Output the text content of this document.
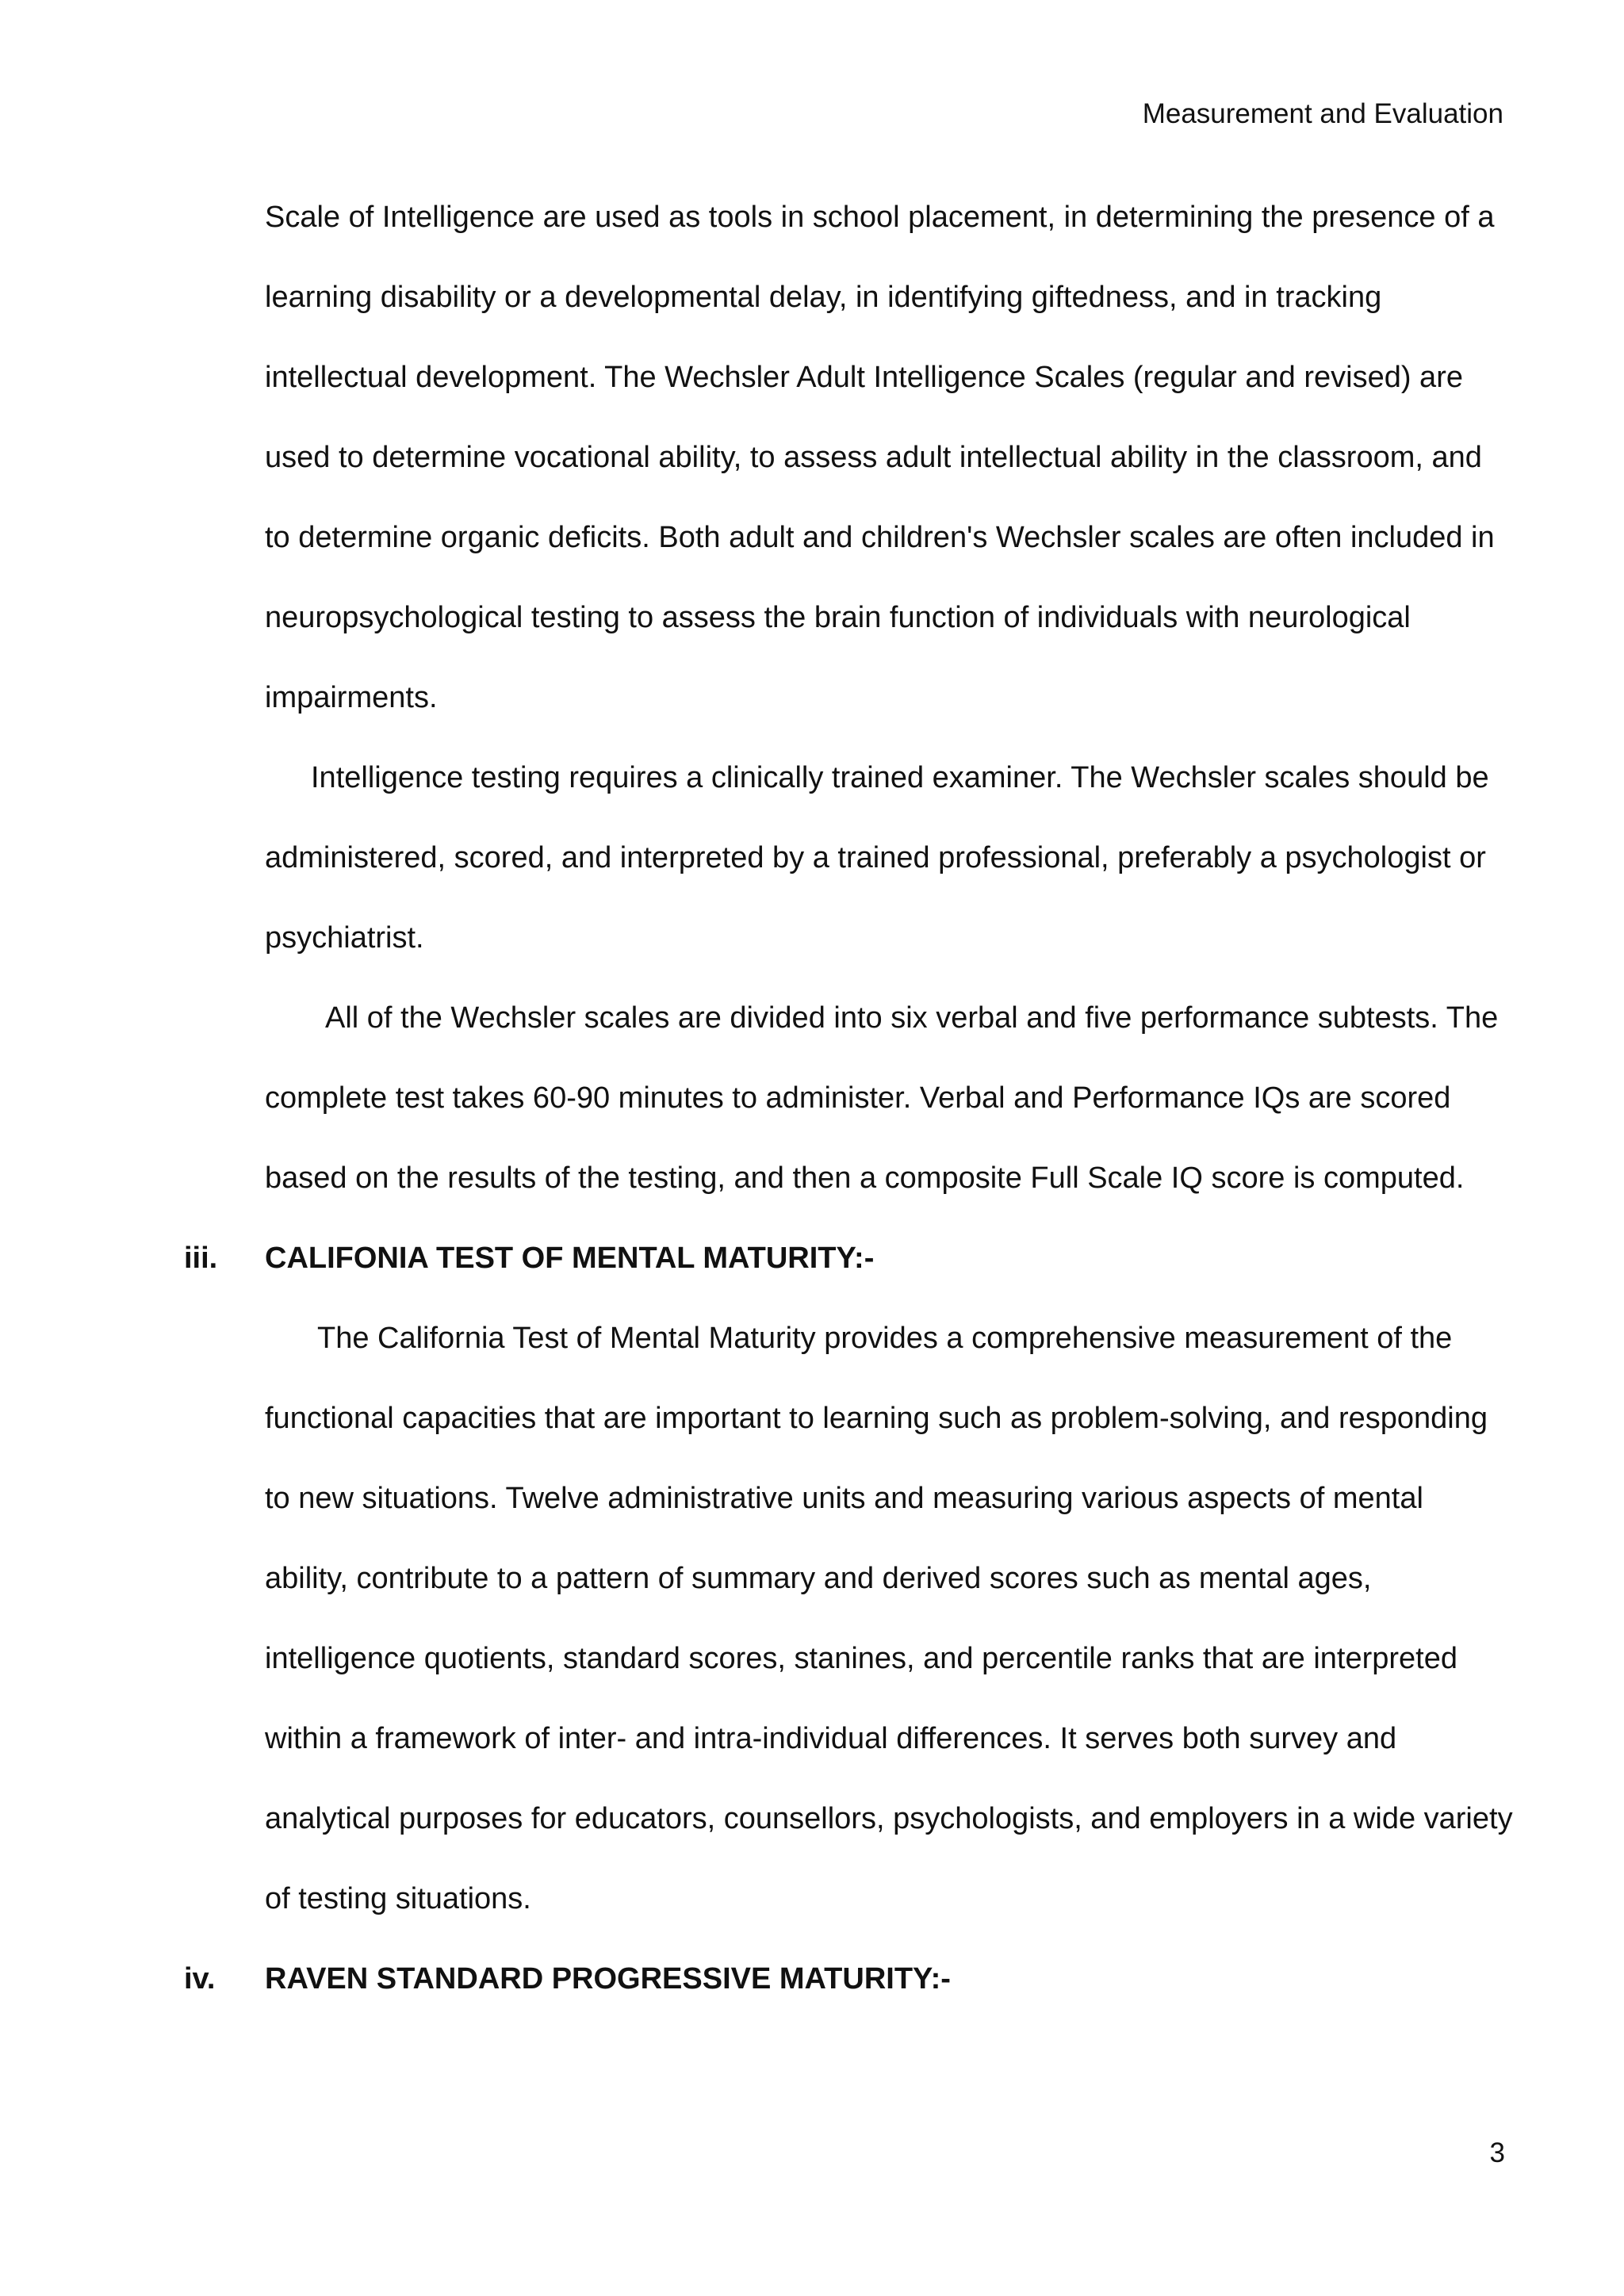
Measurement and Evaluation
Scale of Intelligence are used as tools in school placement, in determining the presence of a
learning disability or a developmental delay, in identifying giftedness, and in tracking
intellectual development. The Wechsler Adult Intelligence Scales (regular and revised) are
used to determine vocational ability, to assess adult intellectual ability in the classroom, and
to determine organic deficits. Both adult and children's Wechsler scales are often included in
neuropsychological testing to assess the brain function of individuals with neurological
impairments.
Intelligence testing requires a clinically trained examiner. The Wechsler scales should be
administered, scored, and interpreted by a trained professional, preferably a psychologist or
psychiatrist.
All of the Wechsler scales are divided into six verbal and five performance subtests. The
complete test takes 60-90 minutes to administer. Verbal and Performance IQs are scored
based on the results of the testing, and then a composite Full Scale IQ score is computed.
iii. CALIFONIA TEST OF MENTAL MATURITY:-
The California Test of Mental Maturity provides a comprehensive measurement of the
functional capacities that are important to learning such as problem-solving, and responding
to new situations. Twelve administrative units and measuring various aspects of mental
ability, contribute to a pattern of summary and derived scores such as mental ages,
intelligence quotients, standard scores, stanines, and percentile ranks that are interpreted
within a framework of inter- and intra-individual differences. It serves both survey and
analytical purposes for educators, counsellors, psychologists, and employers in a wide variety
of testing situations.
iv. RAVEN STANDARD PROGRESSIVE MATURITY:-
3
